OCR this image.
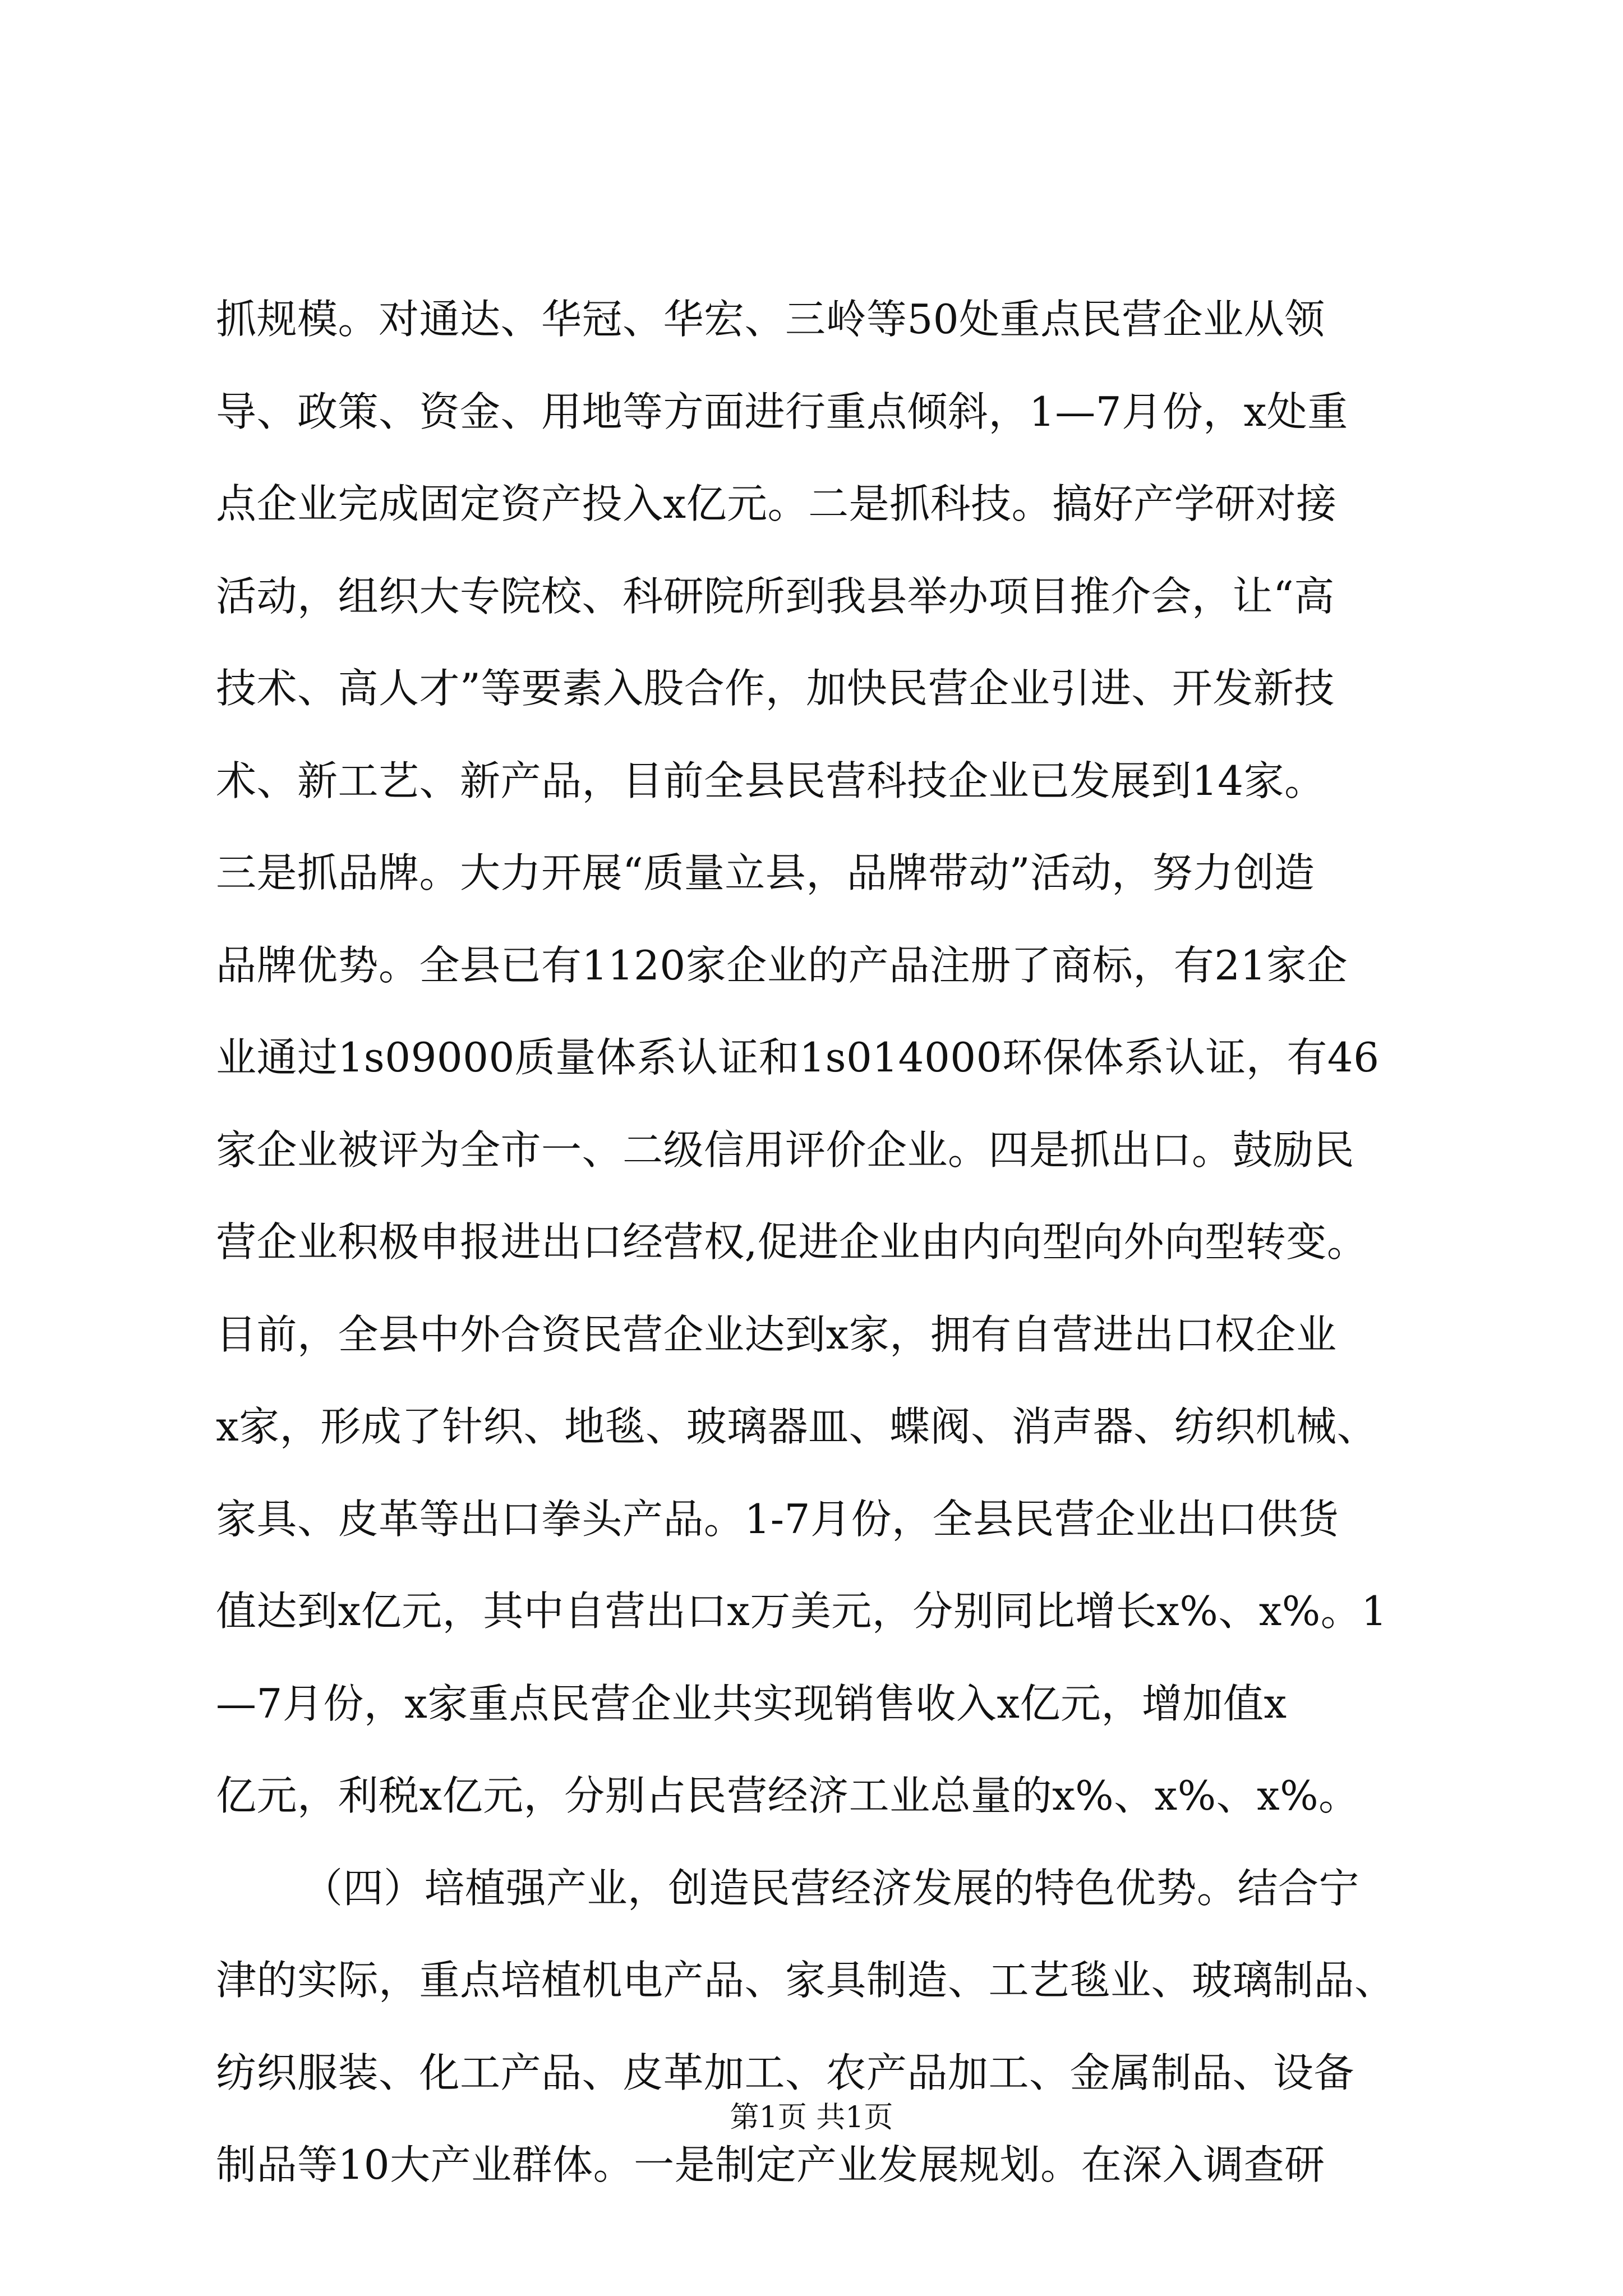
抓规模。对通达、华冠、华宏、三岭等50处重点民营企业从领
导、政策、资金、用地等方面进行重点倾斜，1—7月份，x处重
点企业完成固定资产投入x亿元。二是抓科技。搞好产学研对接
活动，组织大专院校、科研院所到我县举办项目推介会，让“高
技术、高人才”等要素入股合作，加快民营企业引进、开发新技
术、新工艺、新产品，目前全县民营科技企业已发展到14家。
三是抓品牌。大力开展“质量立县，品牌带动”活动，努力创造
品牌优势。全县已有1120家企业的产品注册了商标，有21家企
业通过1s09000质量体系认证和1s014000环保体系认证，有46
家企业被评为全市一、二级信用评价企业。四是抓出口。鼓励民
营企业积极申报进出口经营权,促进企业由内向型向外向型转变。
目前，全县中外合资民营企业达到x家，拥有自营进出口权企业
x家，形成了针织、地毯、玻璃器皿、蝶阀、消声器、纺织机械、
家具、皮革等出口拳头产品。1-7月份，全县民营企业出口供货
值达到x亿元，其中自营出口x万美元，分别同比增长x%、x%。1
—7月份，x家重点民营企业共实现销售收入x亿元，增加值x
亿元，利税x亿元，分别占民营经济工业总量的x%、x%、x%。
（四）培植强产业，创造民营经济发展的特色优势。结合宁
津的实际，重点培植机电产品、家具制造、工艺毯业、玻璃制品、
纺织服装、化工产品、皮革加工、农产品加工、金属制品、设备
制品等10大产业群体。一是制定产业发展规划。在深入调查研
第1页 共1页
